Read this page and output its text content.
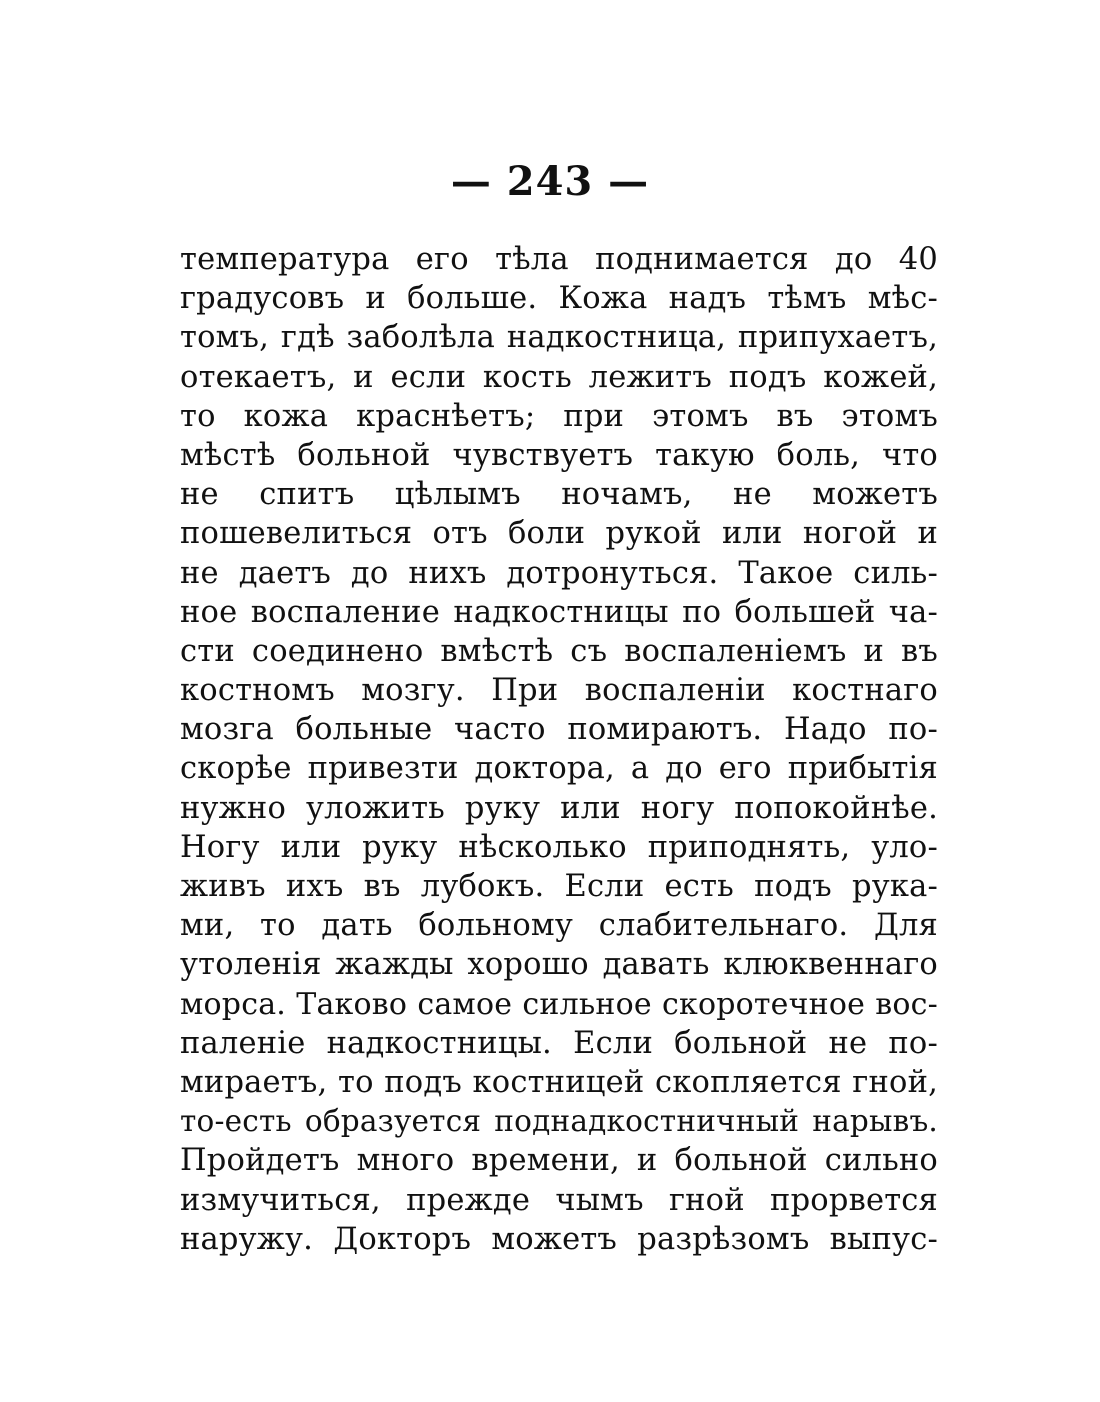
— 243 —
температура его тѣла поднимается до 40
градусовъ и больше. Кожа надъ тѣмъ мѣс-
томъ, гдѣ заболѣла надкостница, припухаетъ,
отекаетъ, и если кость лежитъ подъ кожей,
то кожа краснѣетъ; при этомъ въ этомъ
мѣстѣ больной чувствуетъ такую боль, что
не спитъ цѣлымъ ночамъ, не можетъ
пошевелиться отъ боли рукой или ногой и
не даетъ до нихъ дотронуться. Такое силь-
ное воспаление надкостницы по большей ча-
сти соединено вмѣстѣ съ воспаленіемъ и въ
костномъ мозгу. При воспаленіи костнаго
мозга больные часто помираютъ. Надо по-
скорѣе привезти доктора, а до его прибытія
нужно уложить руку или ногу попокойнѣе.
Ногу или руку нѣсколько приподнять, уло-
живъ ихъ въ лубокъ. Если есть подъ рука-
ми, то дать больному слабительнаго. Для
утоленія жажды хорошо давать клюквеннаго
морса. Таково самое сильное скоротечное вос-
паленіе надкостницы. Если больной не по-
мираетъ, то подъ костницей скопляется гной,
то-есть образуется поднадкостничный нарывъ.
Пройдетъ много времени, и больной сильно
измучиться, прежде чымъ гной прорвется
наружу. Докторъ можетъ разрѣзомъ выпус-
